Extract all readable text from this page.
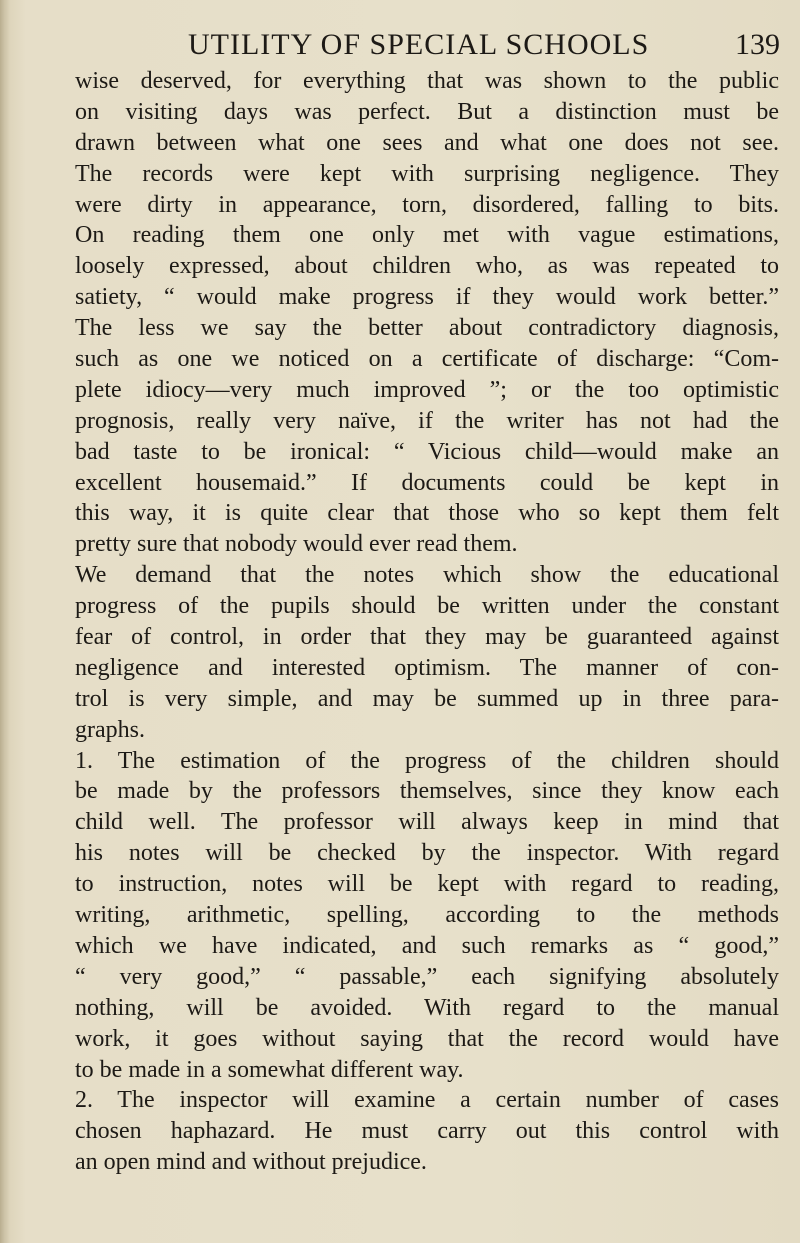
UTILITY OF SPECIAL SCHOOLS	139
wise deserved, for everything that was shown to the public
on visiting days was perfect. But a distinction must be
drawn between what one sees and what one does not see.
The records were kept with surprising negligence. They
were dirty in appearance, torn, disordered, falling to bits.
On reading them one only met with vague estimations,
loosely expressed, about children who, as was repeated to
satiety, “ would make progress if they would work better.”
The less we say the better about contradictory diagnosis,
such as one we noticed on a certificate of discharge: “Com-
plete idiocy—very much improved ”; or the too optimistic
prognosis, really very naïve, if the writer has not had the
bad taste to be ironical: “ Vicious child—would make an
excellent housemaid.” If documents could be kept in
this way, it is quite clear that those who so kept them felt
pretty sure that nobody would ever read them.
We demand that the notes which show the educational
progress of the pupils should be written under the constant
fear of control, in order that they may be guaranteed against
negligence and interested optimism. The manner of con-
trol is very simple, and may be summed up in three para-
graphs.
1. The estimation of the progress of the children should
be made by the professors themselves, since they know each
child well. The professor will always keep in mind that
his notes will be checked by the inspector. With regard
to instruction, notes will be kept with regard to reading,
writing, arithmetic, spelling, according to the methods
which we have indicated, and such remarks as “ good,”
“ very good,” “ passable,” each signifying absolutely
nothing, will be avoided. With regard to the manual
work, it goes without saying that the record would have
to be made in a somewhat different way.
2. The inspector will examine a certain number of cases
chosen haphazard. He must carry out this control with
an open mind and without prejudice.
